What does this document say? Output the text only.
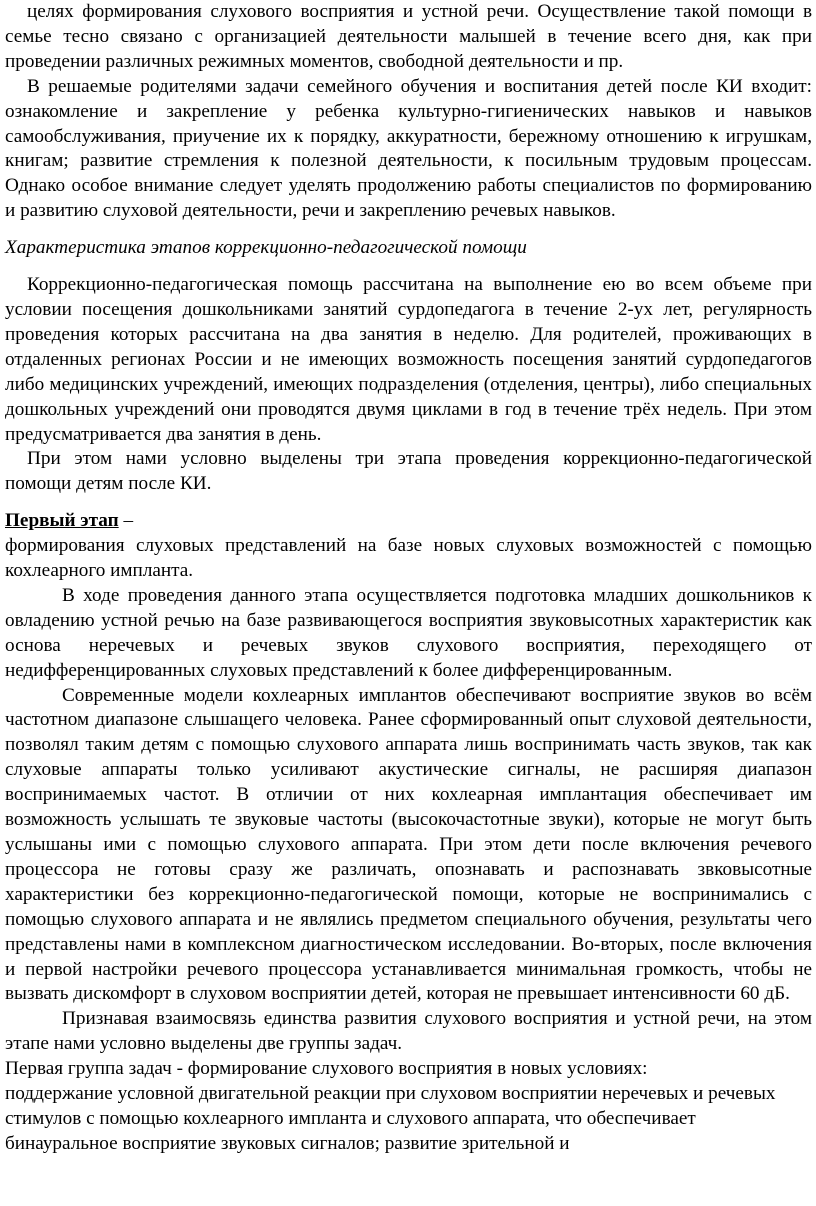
целях формирования слухового восприятия и устной речи. Осуществление такой помощи в семье тесно связано с организацией деятельности малышей в течение всего дня, как при проведении различных режимных моментов, свободной деятельности и пр.

В решаемые родителями задачи семейного обучения и воспитания детей после КИ входит: ознакомление и закрепление у ребенка культурно-гигиенических навыков и навыков самообслуживания, приучение их к порядку, аккуратности, бережному отношению к игрушкам, книгам; развитие стремления к полезной деятельности, к посильным трудовым процессам. Однако особое внимание следует уделять продолжению работы специалистов по формированию и развитию слуховой деятельности, речи и закреплению речевых навыков.

Характеристика этапов коррекционно-педагогической помощи

Коррекционно-педагогическая помощь рассчитана на выполнение ею во всем объеме при условии посещения дошкольниками занятий сурдопедагога в течение 2-ух лет, регулярность проведения которых рассчитана на два занятия в неделю. Для родителей, проживающих в отдаленных регионах России и не имеющих возможность посещения занятий сурдопедагогов либо медицинских учреждений, имеющих подразделения (отделения, центры), либо специальных дошкольных учреждений они проводятся двумя циклами в год в течение трёх недель. При этом предусматривается два занятия в день.

При этом нами условно выделены три этапа проведения коррекционно-педагогической помощи детям после КИ.

Первый этап –

формирования слуховых представлений на базе новых слуховых возможностей с помощью кохлеарного импланта.

В ходе проведения данного этапа осуществляется подготовка младших дошкольников к овладению устной речью на базе развивающегося восприятия звуковысотных характеристик как основа неречевых и речевых звуков слухового восприятия, переходящего от недифференцированных слуховых представлений к более дифференцированным.

Современные модели кохлеарных имплантов обеспечивают восприятие звуков во всём частотном диапазоне слышащего человека. Ранее сформированный опыт слуховой деятельности, позволял таким детям с помощью слухового аппарата лишь воспринимать часть звуков, так как слуховые аппараты только усиливают акустические сигналы, не расширяя диапазон воспринимаемых частот. В отличии от них кохлеарная имплантация обеспечивает им возможность услышать те звуковые частоты (высокочастотные звуки), которые не могут быть услышаны ими с помощью слухового аппарата. При этом дети после включения речевого процессора не готовы сразу же различать, опознавать и распознавать звковысотные характеристики без коррекционно-педагогической помощи, которые не воспринимались с помощью слухового аппарата и не являлись предметом специального обучения, результаты чего представлены нами в комплексном диагностическом исследовании. Во-вторых, после включения и первой настройки речевого процессора устанавливается минимальная громкость, чтобы не вызвать дискомфорт в слуховом восприятии детей, которая не превышает интенсивности 60 дБ.

Признавая взаимосвязь единства развития слухового восприятия и устной речи, на этом этапе нами условно выделены две группы задач.

Первая группа задач - формирование слухового восприятия в новых условиях:

поддержание условной двигательной реакции при слуховом восприятии неречевых и речевых стимулов с помощью кохлеарного импланта и слухового аппарата, что обеспечивает бинауральное восприятие звуковых сигналов; развитие зрительной и
